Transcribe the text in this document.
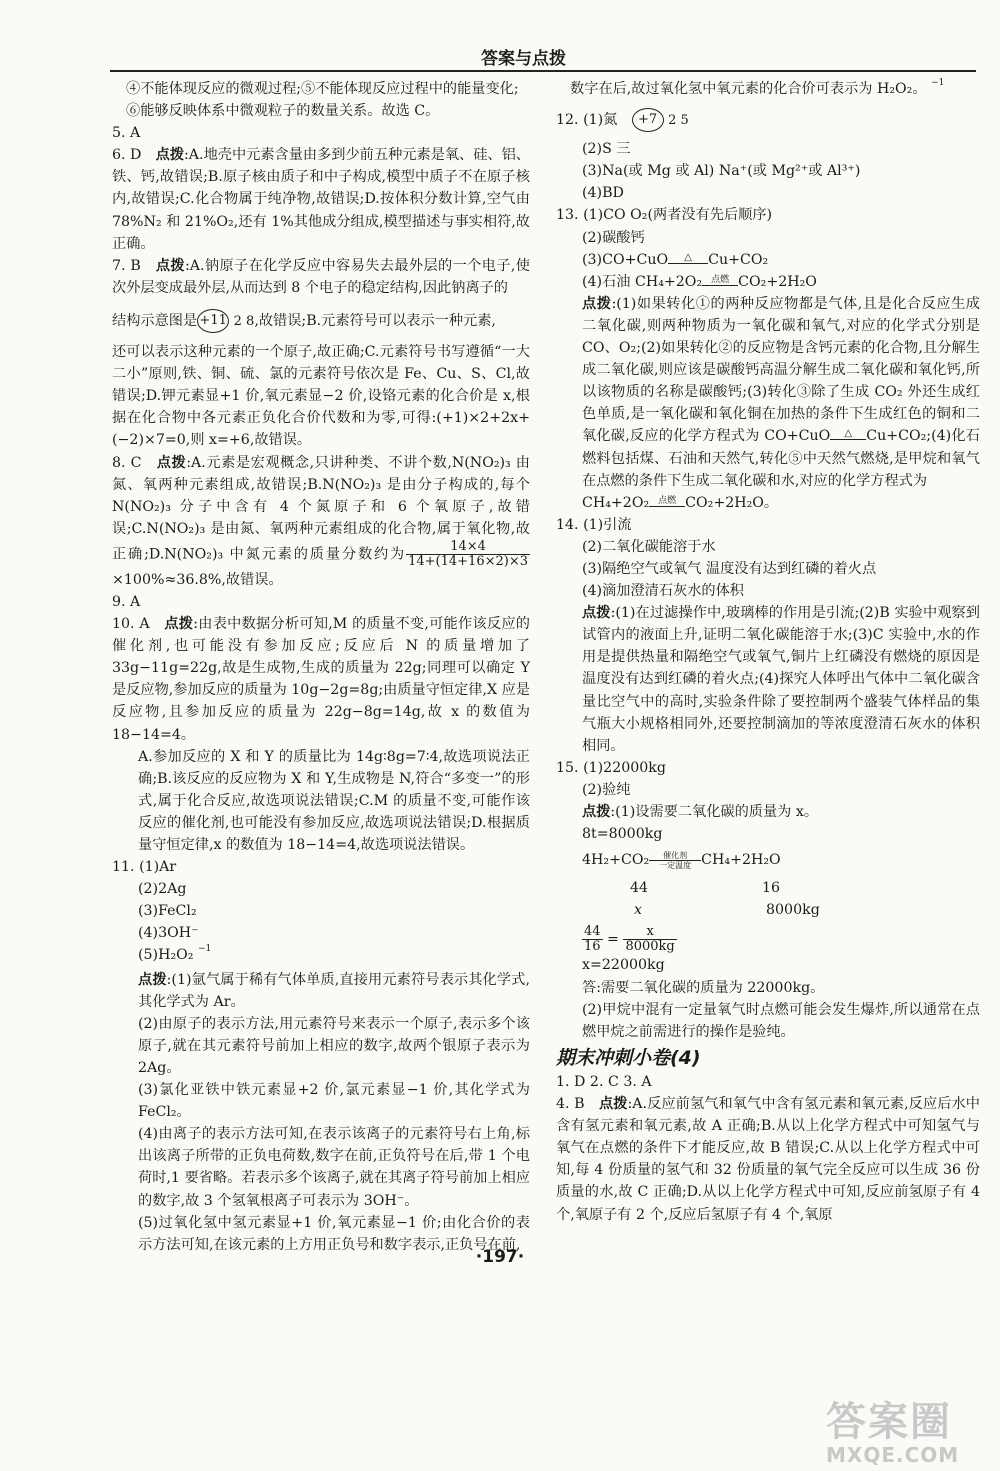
答案与点拨

④不能体现反应的微观过程;⑤不能体现反应过程中的能量变化;

⑥能够反映体系中微观粒子的数量关系。故选 C。

5. A

6. D　 点拨:A.地壳中元素含量由多到少前五种元素是氧、硅、铝、铁、钙,故错误;B.原子核由质子和中子构成,模型中质子不在原子核内,故错误;C.化合物属于纯净物,故错误;D.按体积分数计算,空气由 78%N₂ 和 21%O₂,还有 1%其他成分组成,模型描述与事实相符,故正确。

7. B　 点拨:A.钠原子在化学反应中容易失去最外层的一个电子,使次外层变成最外层,从而达到 8 个电子的稳定结构,因此钠离子的

结构示意图是 +11 2 8,故错误;B.元素符号可以表示一种元素,

还可以表示这种元素的一个原子,故正确;C.元素符号书写遵循“一大二小”原则,铁、铜、硫、氯的元素符号依次是 Fe、Cu、S、Cl,故错误;D.钾元素显+1 价,氧元素显−2 价,设铬元素的化合价是 x,根据在化合物中各元素正负化合价代数和为零,可得:(+1)×2+2x+(−2)×7=0,则 x=+6,故错误。

8. C　 点拨:A.元素是宏观概念,只讲种类、不讲个数,N(NO₂)₃ 由氮、氧两种元素组成,故错误;B.N(NO₂)₃ 是由分子构成的,每个 N(NO₂)₃ 分子中含有 4 个氮原子和 6 个氧原子,故错误;C.N(NO₂)₃ 是由氮、氧两种元素组成的化合物,属于氧化物,故正确;D.N(NO₂)₃ 中氮元素的质量分数约为 $\frac{14\times 4}{14+(14+16\times 2)\times 3}$
×100%≈36.8%,故错误。

9. A

10. A　 点拨:由表中数据分析可知,M 的质量不变,可能作该反应的催化剂,也可能没有参加反应;反应后 N 的质量增加了 33g−11g=22g,故是生成物,生成的质量为 22g;同理可以确定 Y 是反应物,参加反应的质量为 10g−2g=8g;由质量守恒定律,X 应是反应物,且参加反应的质量为 22g−8g=14g,故 x 的数值为 18−14=4。

A.参加反应的 X 和 Y 的质量比为 14g∶8g=7∶4,故选项说法正确;B.该反应的反应物为 X 和 Y,生成物是 N,符合“多变一”的形式,属于化合反应,故选项说法错误;C.M 的质量不变,可能作该反应的催化剂,也可能没有参加反应,故选项说法错误;D.根据质量守恒定律,x 的数值为 18−14=4,故选项说法错误。

11. (1)Ar

(2)2Ag

(3)FeCl₂

(4)3OH⁻

(5)H₂O₂ $^{-1}$

点拨:(1)氩气属于稀有气体单质,直接用元素符号表示其化学式,其化学式为 Ar。

(2)由原子的表示方法,用元素符号来表示一个原子,表示多个该原子,就在其元素符号前加上相应的数字,故两个银原子表示为 2Ag。

(3)氯化亚铁中铁元素显+2 价,氯元素显−1 价,其化学式为 FeCl₂。

(4)由离子的表示方法可知,在表示该离子的元素符号右上角,标出该离子所带的正负电荷数,数字在前,正负符号在后,带 1 个电荷时,1 要省略。若表示多个该离子,就在其离子符号前加上相应的数字,故 3 个氢氧根离子可表示为 3OH⁻。

(5)过氧化氢中氢元素显+1 价,氧元素显−1 价;由化合价的表示方法可知,在该元素的上方用正负号和数字表示,正负号在前,

数字在后,故过氧化氢中氧元素的化合价可表示为 H₂O₂。 $^{-1}$

12. (1)氮　 +7 2 5

(2)S 三

(3)Na(或 Mg 或 Al) Na⁺(或 Mg²⁺或 Al³⁺)

(4)BD

13. (1)CO O₂(两者没有先后顺序)

(2)碳酸钙

(3)CO+CuO △ Cu+CO₂

(4)石油 CH₄+2O₂ 点燃 CO₂+2H₂O

点拨:(1)如果转化①的两种反应物都是气体,且是化合反应生成二氧化碳,则两种物质为一氧化碳和氧气,对应的化学式分别是 CO、O₂;(2)如果转化②的反应物是含钙元素的化合物,且分解生成二氧化碳,则应该是碳酸钙高温分解生成二氧化碳和氧化钙,所以该物质的名称是碳酸钙;(3)转化③除了生成 CO₂ 外还生成红色单质,是一氧化碳和氧化铜在加热的条件下生成红色的铜和二氧化碳,反应的化学方程式为 CO+CuO △ Cu+CO₂;(4)化石燃料包括煤、石油和天然气,转化⑤中天然气燃烧,是甲烷和氧气在点燃的条件下生成二氧化碳和水,对应的化学方程式为

CH₄+2O₂ 点燃 CO₂+2H₂O。

14. (1)引流

(2)二氧化碳能溶于水

(3)隔绝空气或氧气 温度没有达到红磷的着火点

(4)滴加澄清石灰水的体积

点拨:(1)在过滤操作中,玻璃棒的作用是引流;(2)B 实验中观察到试管内的液面上升,证明二氧化碳能溶于水;(3)C 实验中,水的作用是提供热量和隔绝空气或氧气,铜片上红磷没有燃烧的原因是温度没有达到红磷的着火点;(4)探究人体呼出气体中二氧化碳含量比空气中的高时,实验条件除了要控制两个盛装气体样品的集气瓶大小规格相同外,还要控制滴加的等浓度澄清石灰水的体积相同。

15. (1)22000kg

(2)验纯

点拨:(1)设需要二氧化碳的质量为 x。

8t=8000kg
4H₂+CO₂	催化剂
一定温度 CH₄+2H₂O
44	16
x	8000kg
$\frac{44}{16} = \frac{x}{8000kg}$
x=22000kg
答:需要二氧化碳的质量为 22000kg。

(2)甲烷中混有一定量氧气时点燃可能会发生爆炸,所以通常在点燃甲烷之前需进行的操作是验纯。

期末冲刺小卷(4)

1. D 2. C 3. A

4. B　 点拨:A.反应前氢气和氧气中含有氢元素和氧元素,反应后水中含有氢元素和氧元素,故 A 正确;B.从以上化学方程式中可知氢气与氧气在点燃的条件下才能反应,故 B 错误;C.从以上化学方程式中可知,每 4 份质量的氢气和 32 份质量的氧气完全反应可以生成 36 份质量的水,故 C 正确;D.从以上化学方程式中可知,反应前氢原子有 4 个,氧原子有 2 个,反应后氢原子有 4 个,氧原

·197·
答案圈
MXQE.COM
